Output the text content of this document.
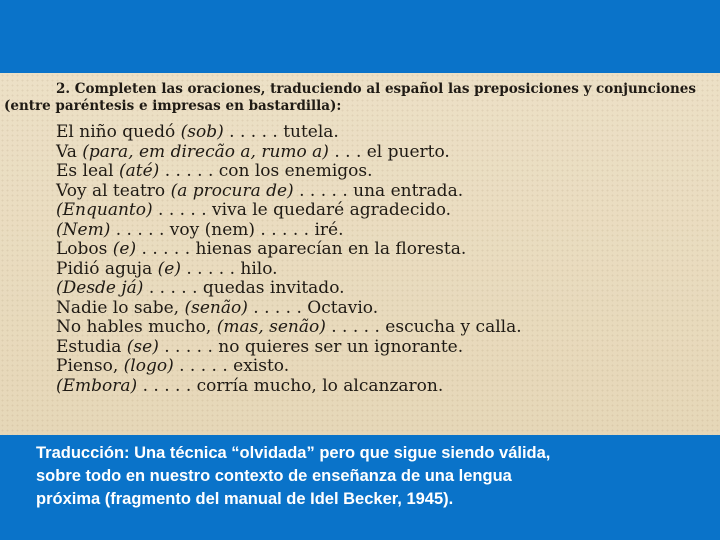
2. Completen las oraciones, traduciendo al español las preposiciones y conjunciones
(entre paréntesis e impresas en bastardilla):
El niño quedó (sob) . . . . . tutela.
Va (para, em direcão a, rumo a) . . . el puerto.
Es leal (até) . . . . . con los enemigos.
Voy al teatro (a procura de) . . . . . una entrada.
(Enquanto) . . . . . viva le quedaré agradecido.
(Nem) . . . . . voy (nem) . . . . . iré.
Lobos (e) . . . . . hienas aparecían en la floresta.
Pidió aguja (e) . . . . . hilo.
(Desde já) . . . . . quedas invitado.
Nadie lo sabe, (senão) . . . . . Octavio.
No hables mucho, (mas, senão) . . . . . escucha y calla.
Estudia (se) . . . . . no quieres ser un ignorante.
Pienso, (logo) . . . . . existo.
(Embora) . . . . . corría mucho, lo alcanzaron.
Traducción: Una técnica “olvidada” pero que sigue siendo válida,
sobre todo en nuestro contexto de enseñanza de una lengua
próxima (fragmento del manual de Idel Becker, 1945).
